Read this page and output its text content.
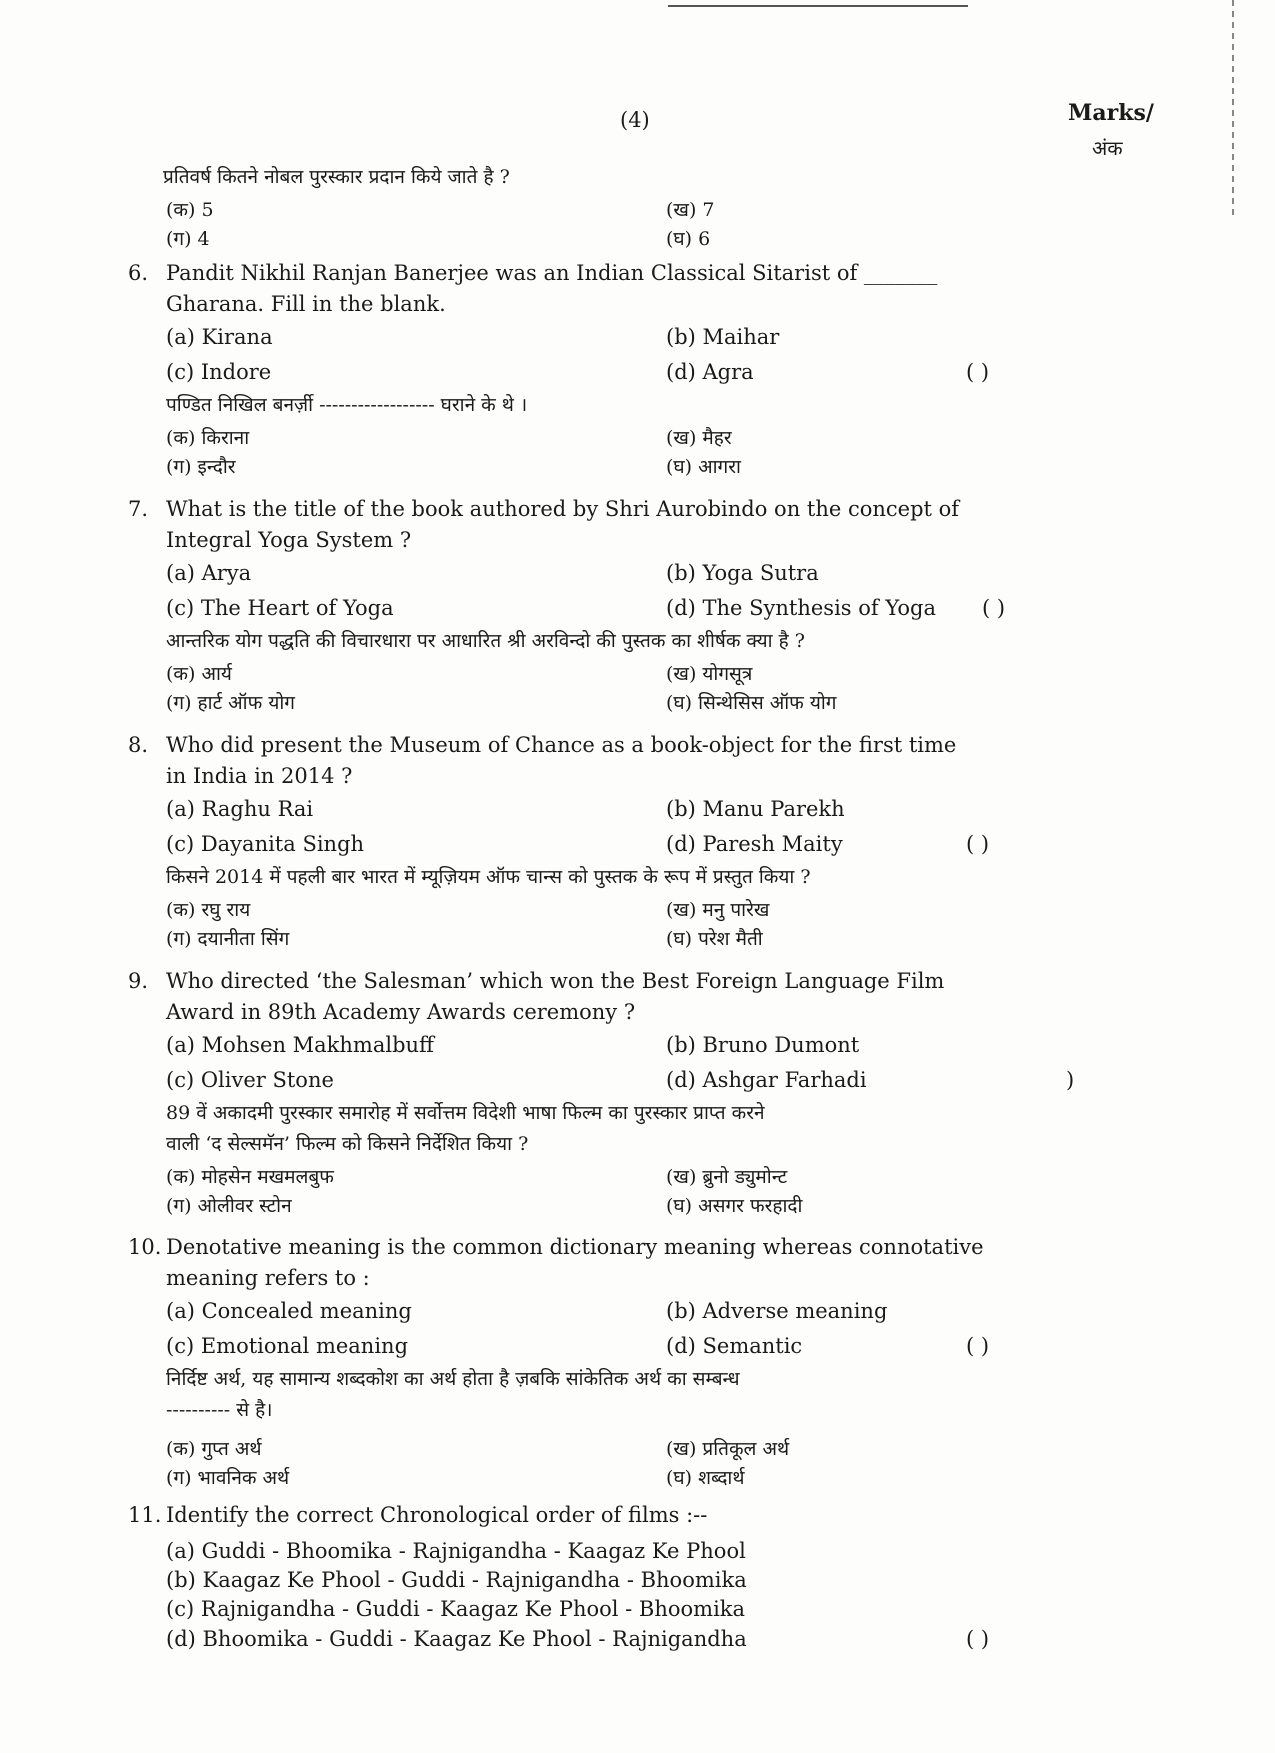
(4)	Marks/
अंक
प्रतिवर्ष कितने नोबल पुरस्कार प्रदान किये जाते है ?
(क) 5	(ख) 7
(ग) 4	(घ) 6
6. Pandit Nikhil Ranjan Banerjee was an Indian Classical Sitarist of _______
Gharana. Fill in the blank.
(a) Kirana	(b) Maihar
(c) Indore	(d) Agra	( )
पण्डित निखिल बनर्ज़ी ------------------ घराने के थे ।
(क) किराना	(ख) मैहर
(ग) इन्दौर	(घ) आगरा
7. What is the title of the book authored by Shri Aurobindo on the concept of
Integral Yoga System ?
(a) Arya	(b) Yoga Sutra
(c) The Heart of Yoga	(d) The Synthesis of Yoga ( )
आन्तरिक योग पद्धति की विचारधारा पर आधारित श्री अरविन्दो की पुस्तक का शीर्षक क्या है ?
(क) आर्य	(ख) योगसूत्र
(ग) हार्ट ऑफ योग	(घ) सिन्थेसिस ऑफ योग
8. Who did present the Museum of Chance as a book-object for the first time
in India in 2014 ?
(a) Raghu Rai	(b) Manu Parekh
(c) Dayanita Singh	(d) Paresh Maity	( )
किसने 2014 में पहली बार भारत में म्यूज़ियम ऑफ चान्स को पुस्तक के रूप में प्रस्तुत किया ?
(क) रघु राय	(ख) मनु पारेख
(ग) दयानीता सिंग	(घ) परेश मैती
9. Who directed ‘the Salesman’ which won the Best Foreign Language Film
Award in 89th Academy Awards ceremony ?
(a) Mohsen Makhmalbuff	(b) Bruno Dumont
(c) Oliver Stone	(d) Ashgar Farhadi	)
89 वें अकादमी पुरस्कार समारोह में सर्वोत्तम विदेशी भाषा फिल्म का पुरस्कार प्राप्त करने
वाली ‘द सेल्समॅन’ फिल्म को किसने निर्देशित किया ?
(क) मोहसेन मखमलबुफ	(ख) ब्रुनो ड्युमोन्ट
(ग) ओलीवर स्टोन	(घ) असगर फरहादी
10. Denotative meaning is the common dictionary meaning whereas connotative
meaning refers to :
(a) Concealed meaning	(b) Adverse meaning
(c) Emotional meaning	(d) Semantic	( )
निर्दिष्ट अर्थ, यह सामान्य शब्दकोश का अर्थ होता है ज़बकि सांकेतिक अर्थ का सम्बन्ध
---------- से है।
(क) गुप्त अर्थ	(ख) प्रतिकूल अर्थ
(ग) भावनिक अर्थ	(घ) शब्दार्थ
11. Identify the correct Chronological order of films :--
(a) Guddi - Bhoomika - Rajnigandha - Kaagaz Ke Phool
(b) Kaagaz Ke Phool - Guddi - Rajnigandha - Bhoomika
(c) Rajnigandha - Guddi - Kaagaz Ke Phool - Bhoomika
(d) Bhoomika - Guddi - Kaagaz Ke Phool - Rajnigandha	( )
